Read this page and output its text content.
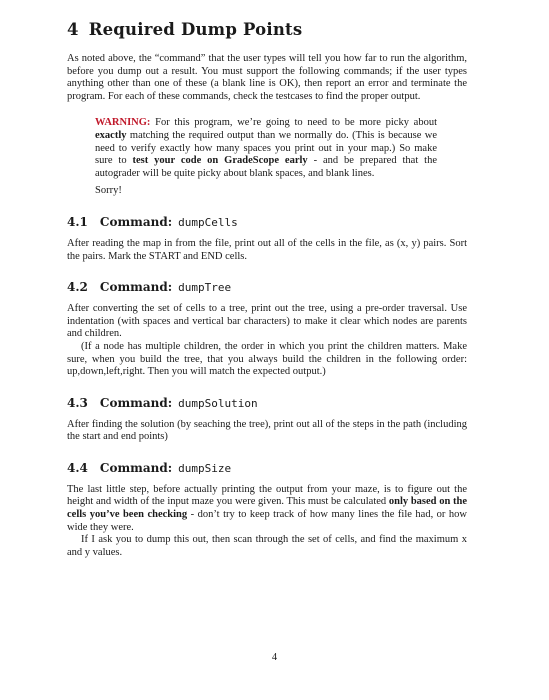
4 Required Dump Points

As noted above, the “command” that the user types will tell you how far to run the algorithm, before you dump out a result. You must support the following commands; if the user types anything other than one of these (a blank line is OK), then report an error and terminate the program. For each of these commands, check the testcases to find the proper output.

WARNING: For this program, we’re going to need to be more picky about exactly matching the required output than we normally do. (This is because we need to verify exactly how many spaces you print out in your map.) So make sure to test your code on GradeScope early - and be prepared that the autograder will be quite picky about blank spaces, and blank lines.

Sorry!

4.1 Command: dumpCells

After reading the map in from the file, print out all of the cells in the file, as (x, y) pairs. Sort the pairs. Mark the START and END cells.

4.2 Command: dumpTree

After converting the set of cells to a tree, print out the tree, using a pre-order traversal. Use indentation (with spaces and vertical bar characters) to make it clear which nodes are parents and children.

(If a node has multiple children, the order in which you print the children matters. Make sure, when you build the tree, that you always build the children in the following order: up,down,left,right. Then you will match the expected output.)

4.3 Command: dumpSolution

After finding the solution (by seaching the tree), print out all of the steps in the path (including the start and end points)

4.4 Command: dumpSize

The last little step, before actually printing the output from your maze, is to figure out the height and width of the input maze you were given. This must be calculated only based on the cells you’ve been checking - don’t try to keep track of how many lines the file had, or how wide they were.

If I ask you to dump this out, then scan through the set of cells, and find the maximum x and y values.

4
